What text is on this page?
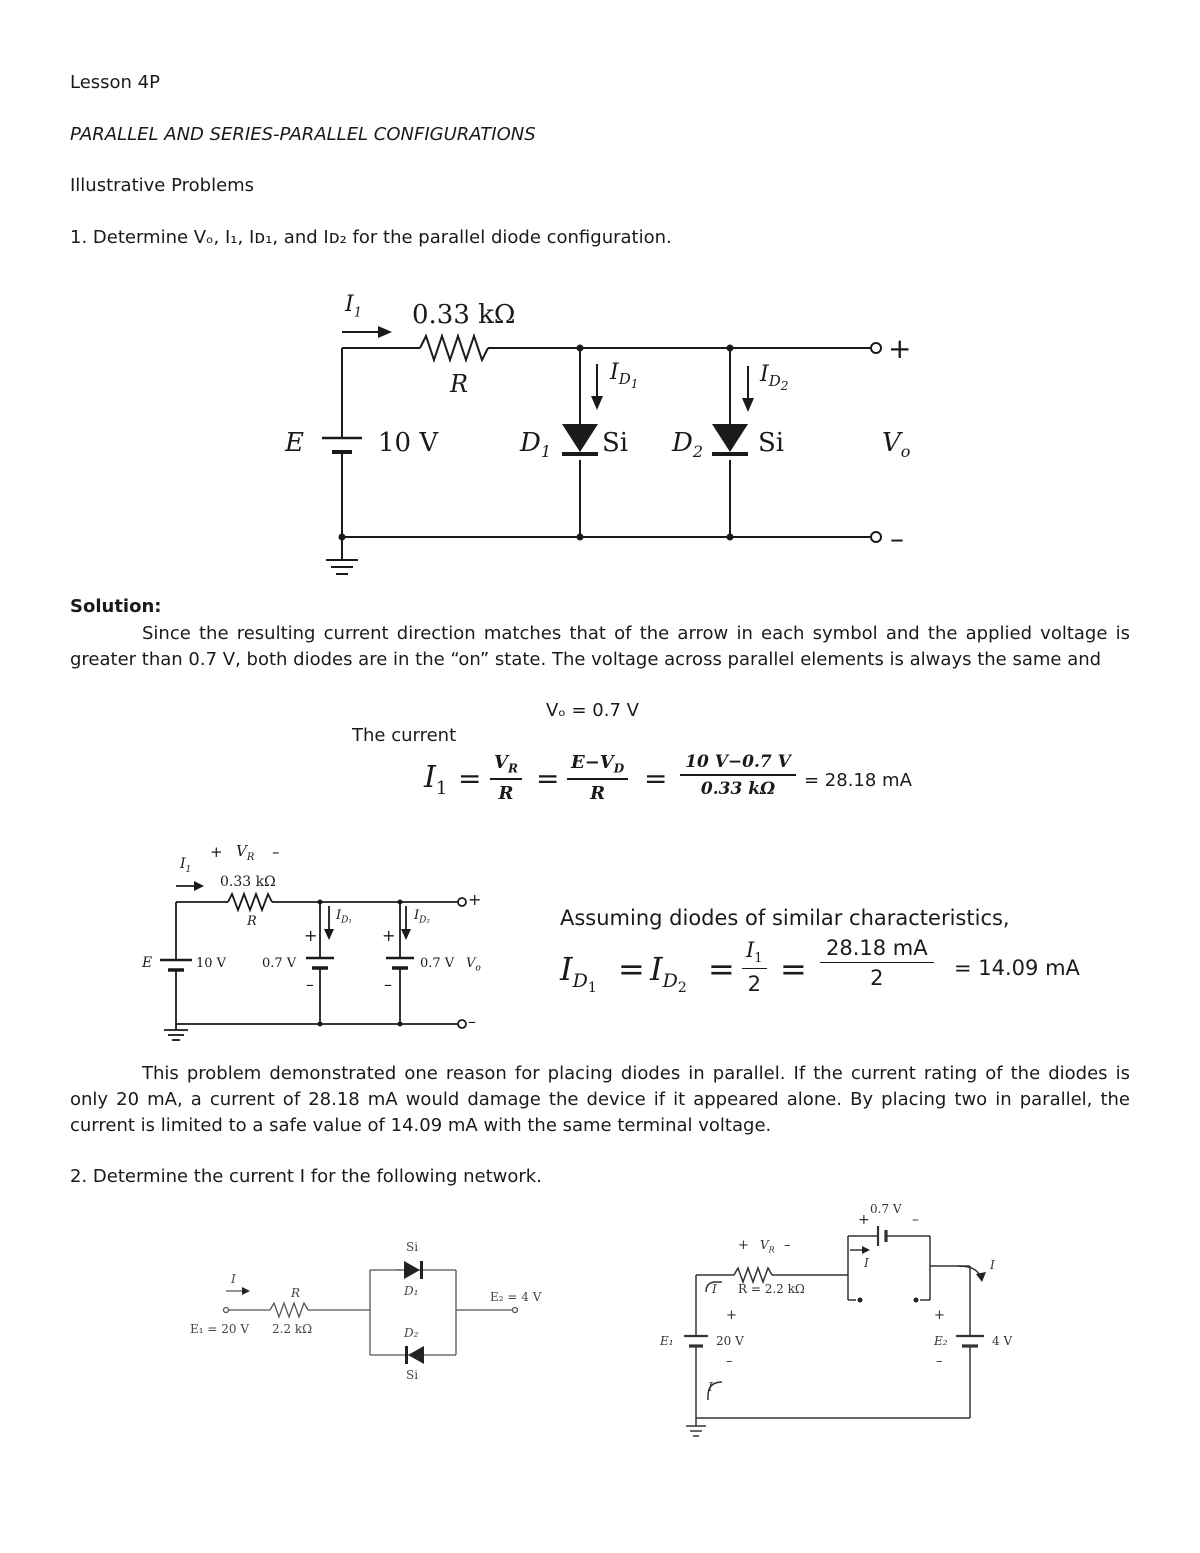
Lesson 4P
PARALLEL AND SERIES-PARALLEL CONFIGURATIONS
Illustrative Problems
1. Determine Vₒ, I₁, Iᴅ₁, and Iᴅ₂ for the parallel diode configuration.
$I_1$ 0.33 kΩ
R	$I_{D_1}$	$I_{D_2}$
E	10 V	$D_1$ Si $D_2$ Si	$V_o$
+
–
Solution:
Since the resulting current direction matches that of the arrow in each symbol and the applied voltage is greater than 0.7 V, both diodes are in the “on” state. The voltage across parallel elements is always the same and
Vₒ = 0.7 V
The current
$I_1 = \frac{V_R}{R} = \frac{E-V_D}{R} = \frac{10 V-0.7 V}{0.33 k\Omega} = 28.18$ mA
+ $V_R$ –
$I_1$
0.33 kΩ
R	$I_{D_1}$	$I_{D_2}$
+	+
–	–
E	10 V	0.7 V	0.7 V $V_o$
+
–
Assuming diodes of similar characteristics,
$I_{D_1}$
= $I_{D_2}$
= $\frac{I_1}{2} = \frac{28.18 mA}{2} = 14.09$ mA
This problem demonstrated one reason for placing diodes in parallel. If the current rating of the diodes is only 20 mA, a current of 28.18 mA would damage the device if it appeared alone. By placing two in parallel, the current is limited to a safe value of 14.09 mA with the same terminal voltage.
2. Determine the current I for the following network.
I
R
E₁ = 20 V 2.2 kΩ
Si
D₁
D₂
Si
E₂ = 4 V
0.7 V
+	–
+ $V_R$ –
I
I
I
R = 2.2 kΩ
+
E₁	20 V
–
I
+
E₂	4 V
–
